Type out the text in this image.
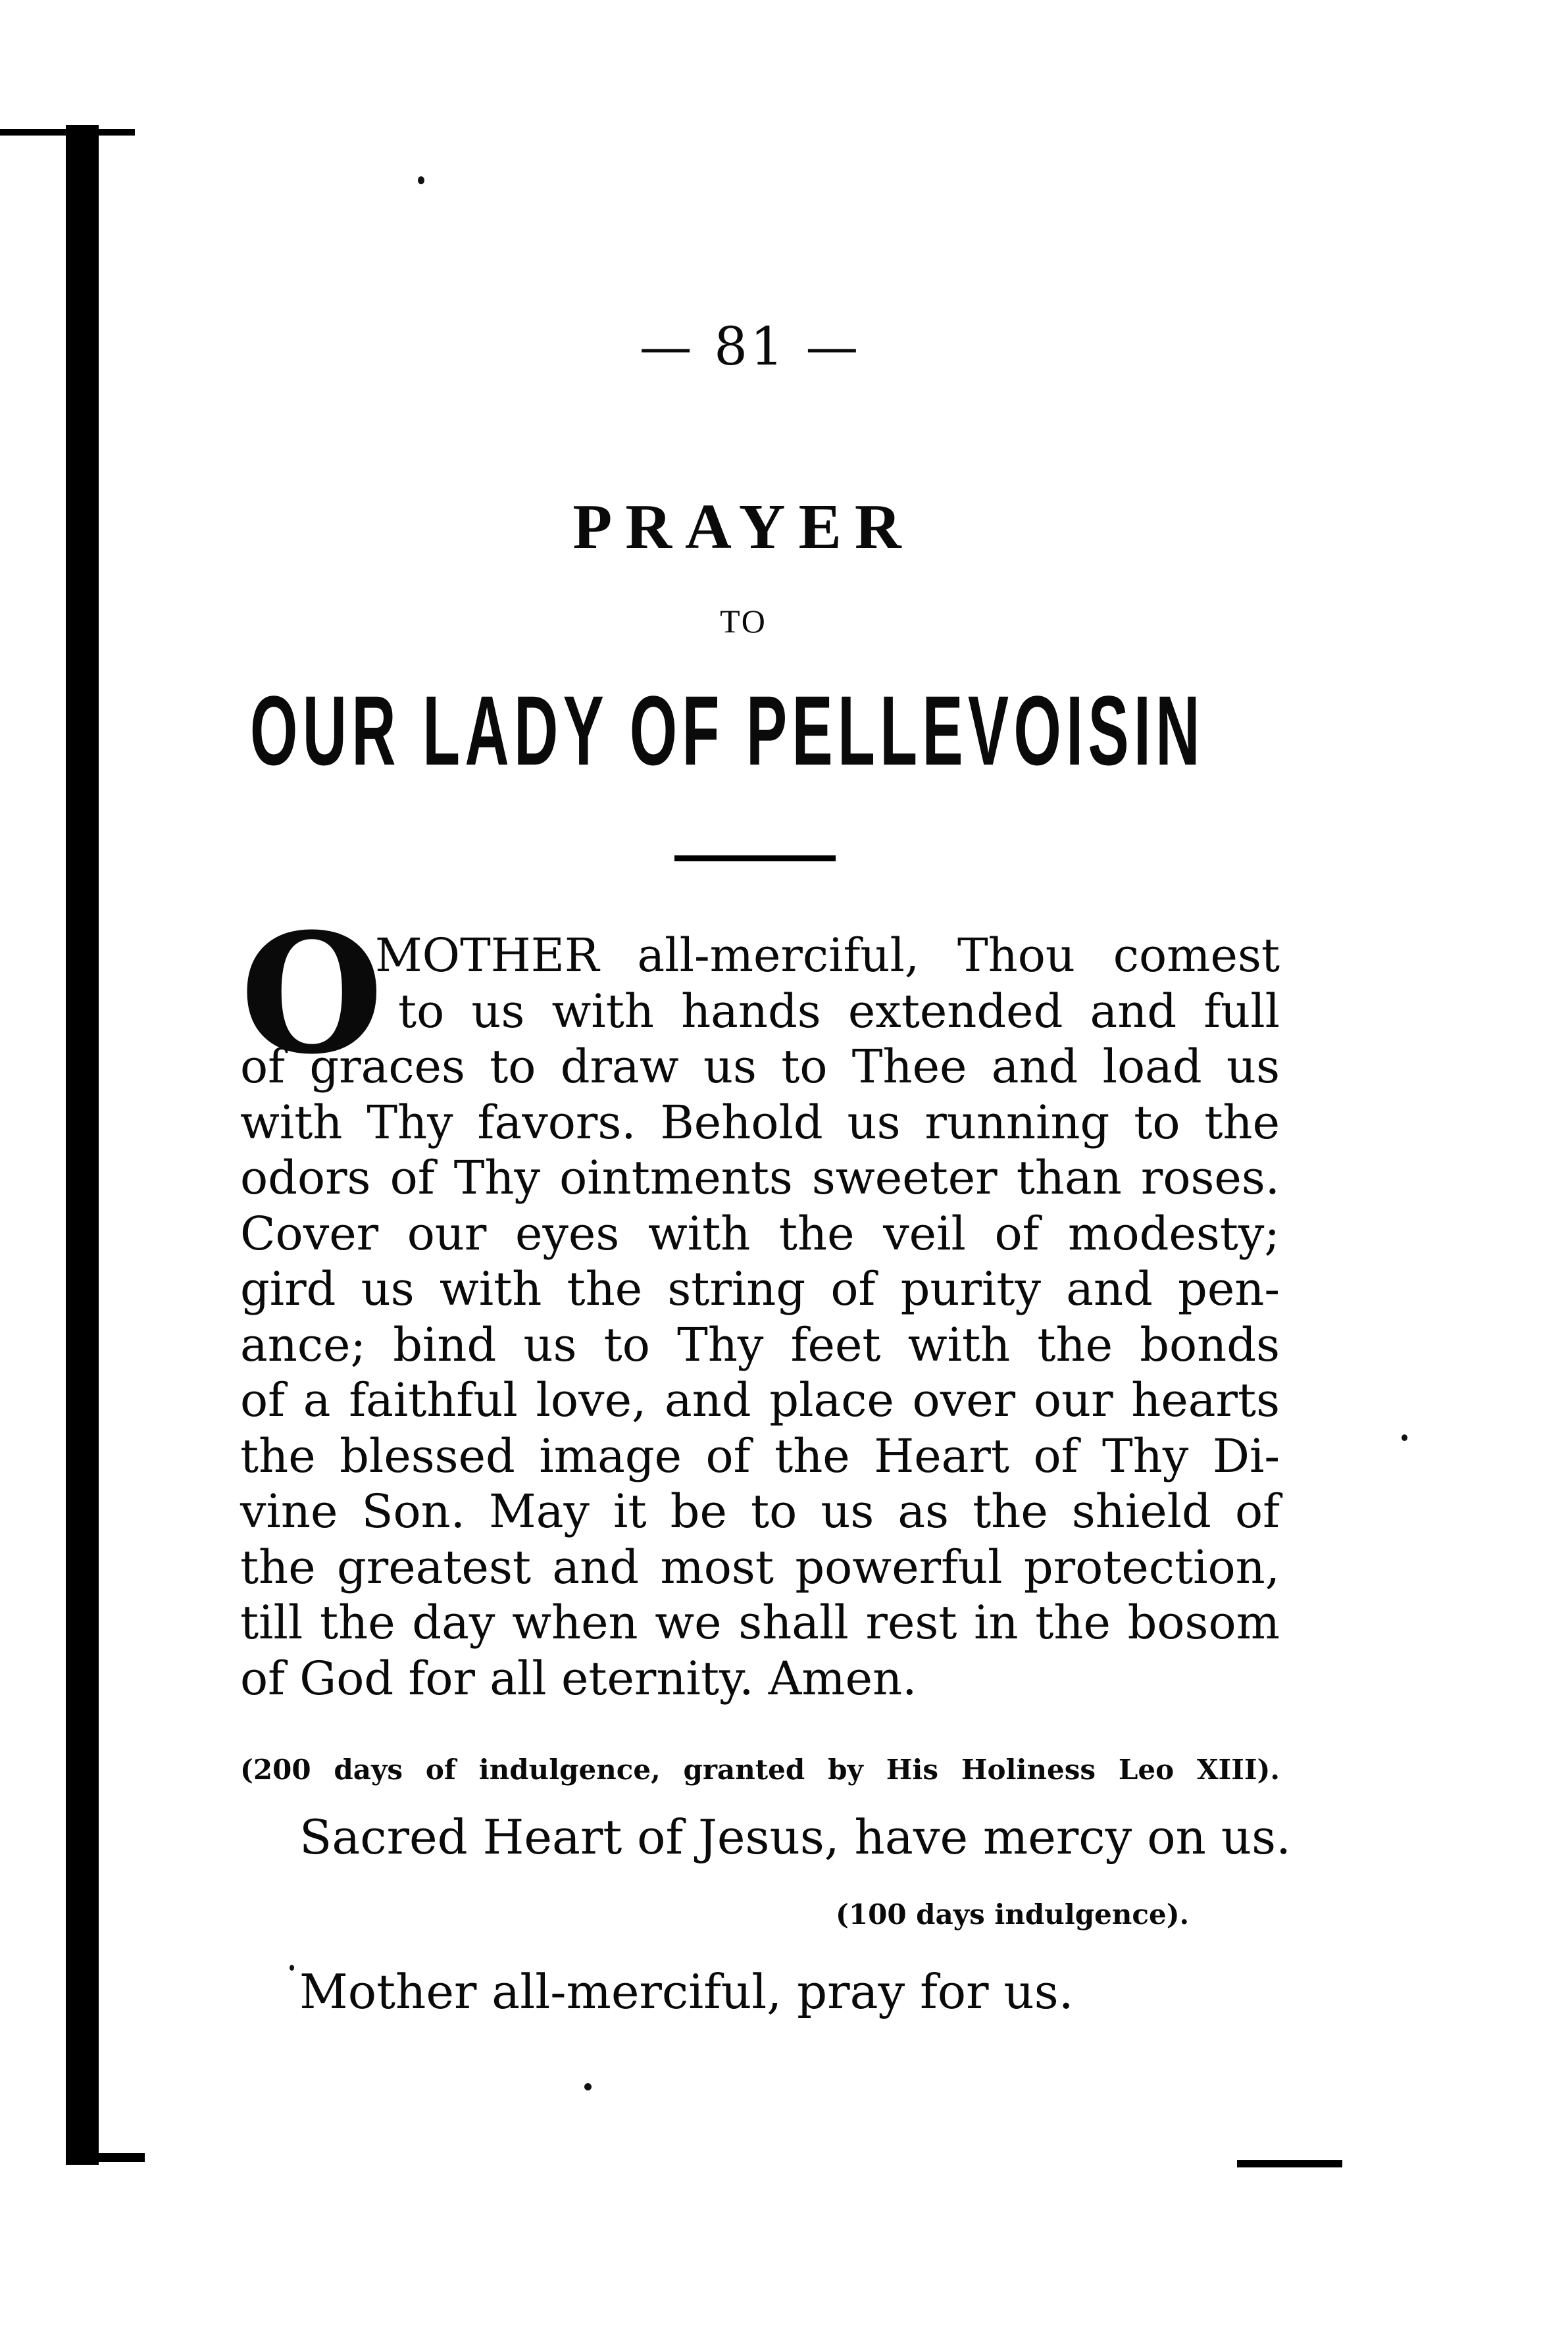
— 81 —
PRAYER
TO
OUR LADY OF PELLEVOISIN
O
MOTHER all-merciful, Thou comest
to us with hands extended and full
of graces to draw us to Thee and load us
with Thy favors. Behold us running to the
odors of Thy ointments sweeter than roses.
Cover our eyes with the veil of modesty;
gird us with the string of purity and pen-
ance; bind us to Thy feet with the bonds
of a faithful love, and place over our hearts
the blessed image of the Heart of Thy Di-
vine Son. May it be to us as the shield of
the greatest and most powerful protection,
till the day when we shall rest in the bosom
of God for all eternity. Amen.
(200 days of indulgence, granted by His Holiness Leo XIII).
Sacred Heart of Jesus, have mercy on us.
(100 days indulgence).
Mother all-merciful, pray for us.
